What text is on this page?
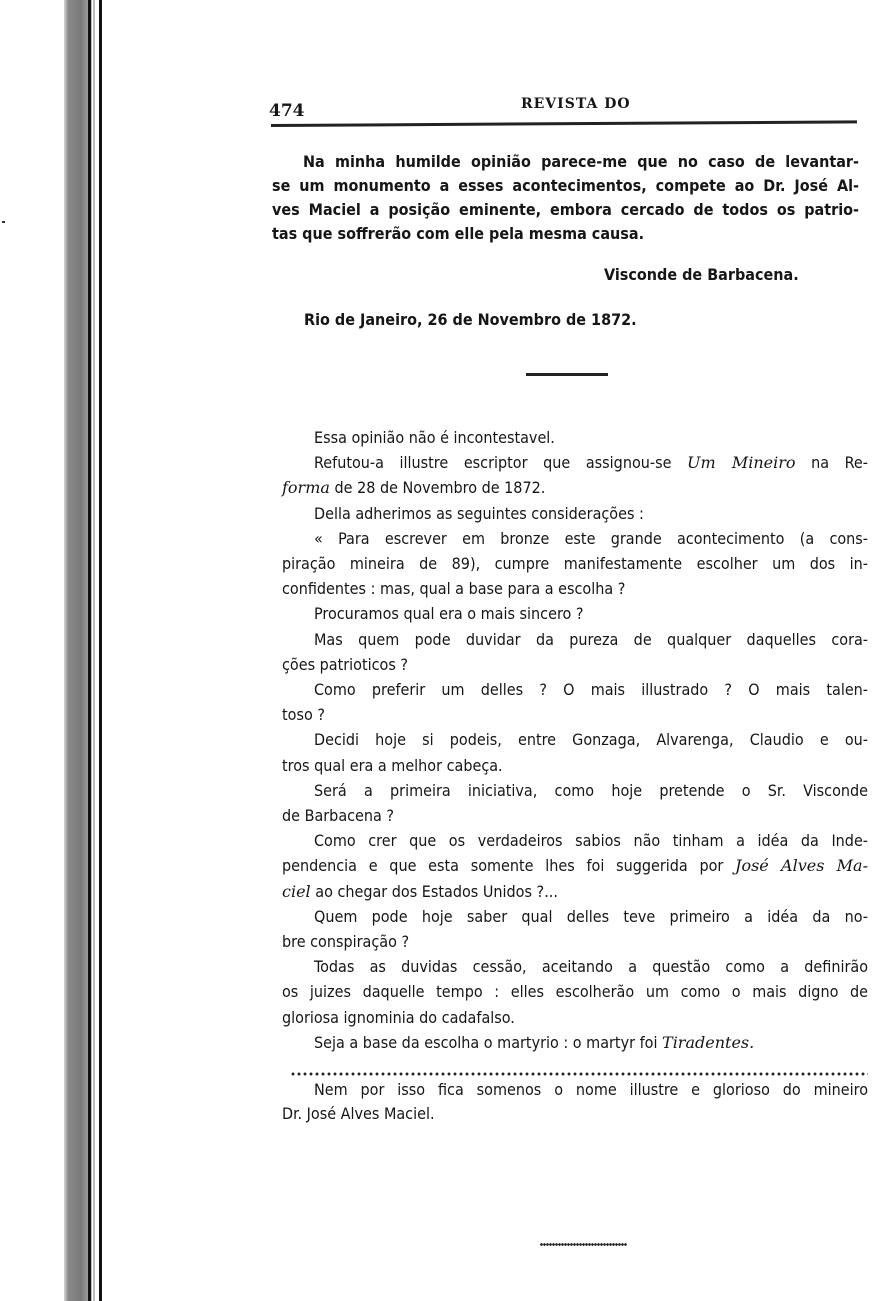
474	REVISTA DO
Na minha humilde opinião parece-me que no caso de levantar-
se um monumento a esses acontecimentos, compete ao Dr. José Al-
ves Maciel a posição eminente, embora cercado de todos os patrio-
tas que soffrerão com elle pela mesma causa.
Visconde de Barbacena.
Rio de Janeiro, 26 de Novembro de 1872.
Essa opinião não é incontestavel.
Refutou-a illustre escriptor que assignou-se Um Mineiro na Re-
forma de 28 de Novembro de 1872.
Della adherimos as seguintes considerações :
« Para escrever em bronze este grande acontecimento (a cons-
piração mineira de 89), cumpre manifestamente escolher um dos in-
confidentes : mas, qual a base para a escolha ?
Procuramos qual era o mais sincero ?
Mas quem pode duvidar da pureza de qualquer daquelles cora-
ções patrioticos ?
Como preferir um delles ? O mais illustrado ? O mais talen-
toso ?
Decidi hoje si podeis, entre Gonzaga, Alvarenga, Claudio e ou-
tros qual era a melhor cabeça.
Será a primeira iniciativa, como hoje pretende o Sr. Visconde
de Barbacena ?
Como crer que os verdadeiros sabios não tinham a idéa da Inde-
pendencia e que esta somente lhes foi suggerida por José Alves Ma-
ciel ao chegar dos Estados Unidos ?...
Quem pode hoje saber qual delles teve primeiro a idéa da no-
bre conspiração ?
Todas as duvidas cessão, aceitando a questão como a definirão
os juizes daquelle tempo : elles escolherão um como o mais digno de
gloriosa ignominia do cadafalso.
Seja a base da escolha o martyrio : o martyr foi Tiradentes.
Nem por isso fica somenos o nome illustre e glorioso do mineiro
Dr. José Alves Maciel.
